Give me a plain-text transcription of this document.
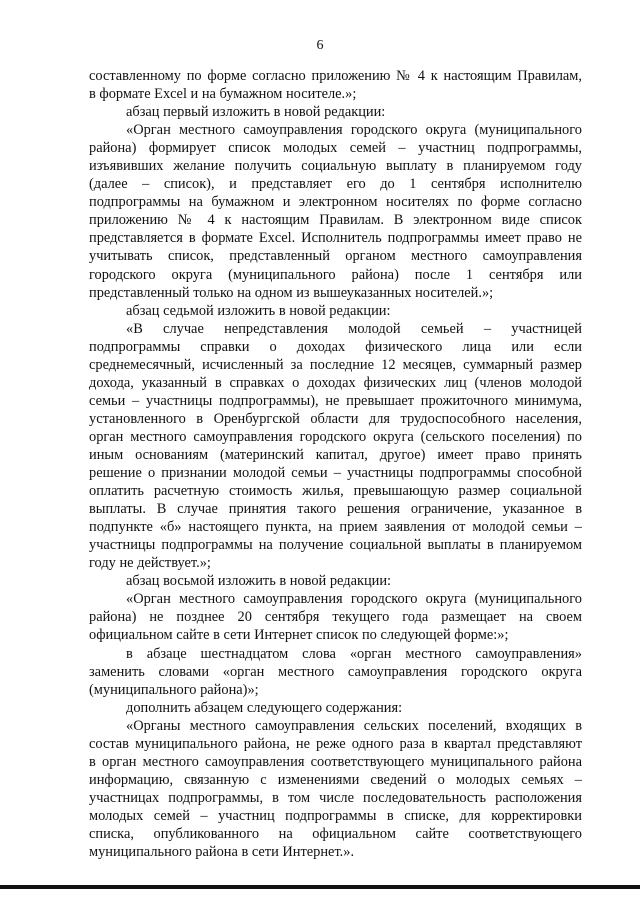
6
составленному по форме согласно приложению № 4 к настоящим Правилам,
в формате Excel и на бумажном носителе.»;
абзац первый изложить в новой редакции:
«Орган местного самоуправления городского округа (муниципального
района) формирует список молодых семей – участниц подпрограммы,
изъявивших желание получить социальную выплату в планируемом году
(далее – список), и представляет его до 1 сентября исполнителю
подпрограммы на бумажном и электронном носителях по форме согласно
приложению № 4 к настоящим Правилам. В электронном виде список
представляется в формате Excel. Исполнитель подпрограммы имеет право не
учитывать список, представленный органом местного самоуправления
городского округа (муниципального района) после 1 сентября или
представленный только на одном из вышеуказанных носителей.»;
абзац седьмой изложить в новой редакции:
«В случае непредставления молодой семьей – участницей
подпрограммы справки о доходах физического лица или если
среднемесячный, исчисленный за последние 12 месяцев, суммарный размер
дохода, указанный в справках о доходах физических лиц (членов молодой
семьи – участницы подпрограммы), не превышает прожиточного минимума,
установленного в Оренбургской области для трудоспособного населения,
орган местного самоуправления городского округа (сельского поселения) по
иным основаниям (материнский капитал, другое) имеет право принять
решение о признании молодой семьи – участницы подпрограммы способной
оплатить расчетную стоимость жилья, превышающую размер социальной
выплаты. В случае принятия такого решения ограничение, указанное в
подпункте «б» настоящего пункта, на прием заявления от молодой семьи –
участницы подпрограммы на получение социальной выплаты в планируемом
году не действует.»;
абзац восьмой изложить в новой редакции:
«Орган местного самоуправления городского округа (муниципального
района) не позднее 20 сентября текущего года размещает на своем
официальном сайте в сети Интернет список по следующей форме:»;
в абзаце шестнадцатом слова «орган местного самоуправления»
заменить словами «орган местного самоуправления городского округа
(муниципального района)»;
дополнить абзацем следующего содержания:
«Органы местного самоуправления сельских поселений, входящих в
состав муниципального района, не реже одного раза в квартал представляют
в орган местного самоуправления соответствующего муниципального района
информацию, связанную с изменениями сведений о молодых семьях –
участницах подпрограммы, в том числе последовательность расположения
молодых семей – участниц подпрограммы в списке, для корректировки
списка, опубликованного на официальном сайте соответствующего
муниципального района в сети Интернет.».
